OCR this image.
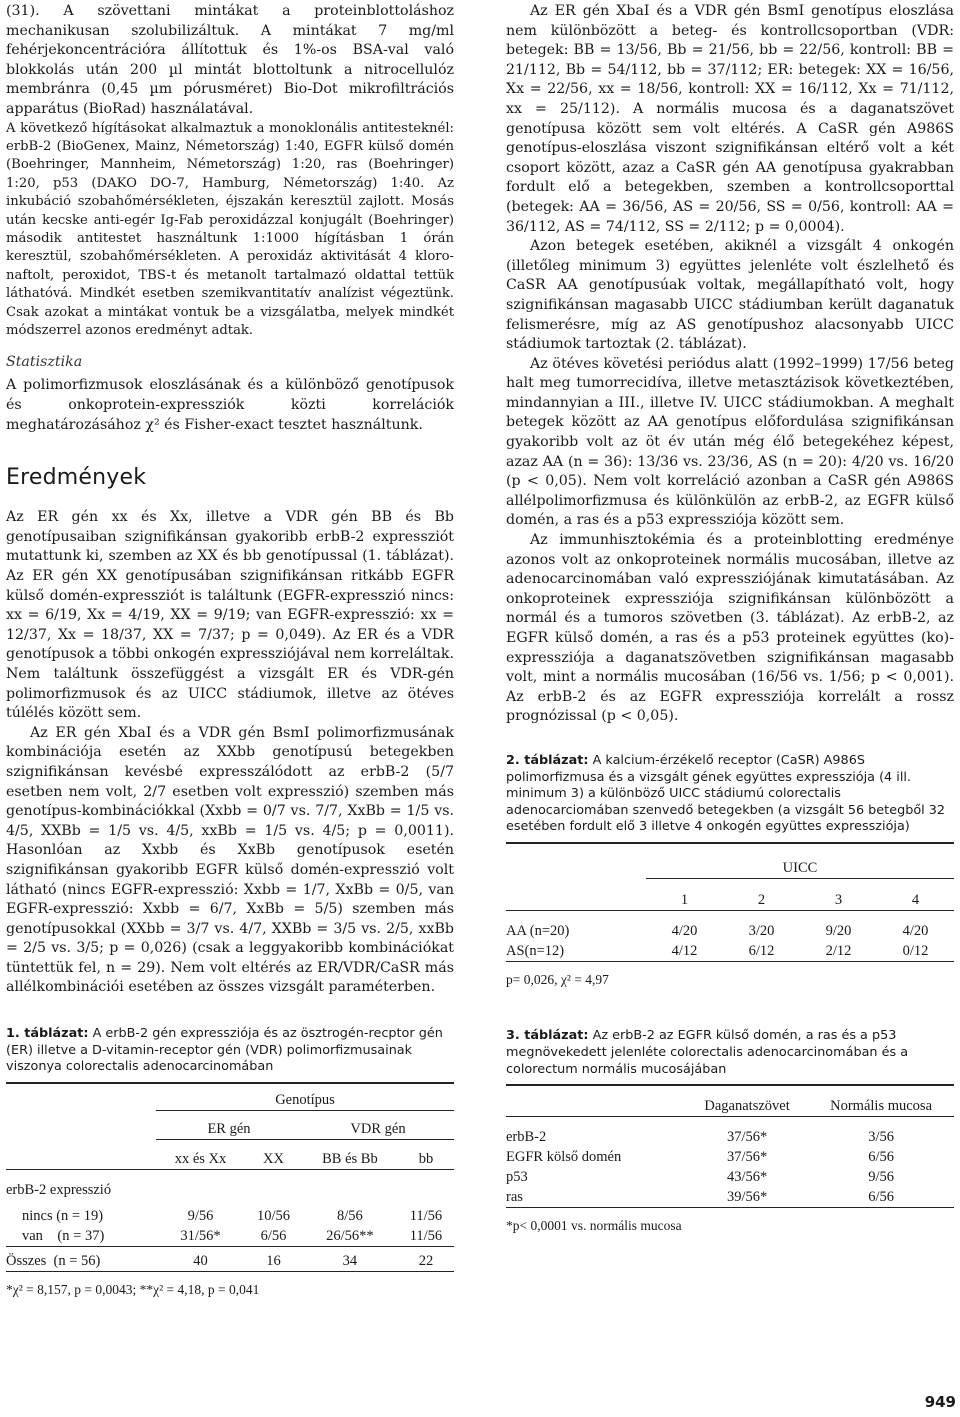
(31). A szövettani mintákat a proteinblottoláshoz mechanikusan szolubilizáltuk. A mintákat 7 mg/ml fehérjekoncentrációra állítottuk és 1%-os BSA-val való blokkolás után 200 µl mintát blottoltunk a nitrocellulóz membránra (0,45 µm pórusméret) Bio-Dot mikrofiltrációs apparátus (BioRad) használatával.

A következő hígításokat alkalmaztuk a monoklonális antitesteknél: erbB-2 (BioGenex, Mainz, Németország) 1:40, EGFR külső domén (Boehringer, Mannheim, Németország) 1:20, ras (Boehringer) 1:20, p53 (DAKO DO-7, Hamburg, Németország) 1:40. Az inkubáció szobahőmérsékleten, éjszakán keresztül zajlott. Mosás után kecske anti-egér Ig-Fab peroxidázzal konjugált (Boehringer) második antitestet használtunk 1:1000 hígításban 1 órán keresztül, szobahőmérsékleten. A peroxidáz aktivitását 4 kloro-naftolt, peroxidot, TBS-t és metanolt tartalmazó oldattal tettük láthatóvá. Mindkét esetben szemikvantitatív analízist végeztünk. Csak azokat a mintákat vontuk be a vizsgálatba, melyek mindkét módszerrel azonos eredményt adtak.

Statisztika

A polimorfizmusok eloszlásának és a különböző genotípusok és onkoprotein-expressziók közti korrelációk meghatározásához χ² és Fisher-exact tesztet használtunk.

Eredmények

Az ER gén xx és Xx, illetve a VDR gén BB és Bb genotípusaiban szignifikánsan gyakoribb erbB-2 expressziót mutattunk ki, szemben az XX és bb genotípussal (1. táblázat). Az ER gén XX genotípusában szignifikánsan ritkább EGFR külső domén-expressziót is találtunk (EGFR-expresszió nincs: xx = 6/19, Xx = 4/19, XX = 9/19; van EGFR-expresszió: xx = 12/37, Xx = 18/37, XX = 7/37; p = 0,049). Az ER és a VDR genotípusok a többi onkogén expressziójával nem korreláltak. Nem találtunk összefüggést a vizsgált ER és VDR-gén polimorfizmusok és az UICC stádiumok, illetve az ötéves túlélés között sem.

Az ER gén XbaI és a VDR gén BsmI polimorfizmusának kombinációja esetén az XXbb genotípusú betegekben szignifikánsan kevésbé expresszálódott az erbB-2 (5/7 esetben nem volt, 2/7 esetben volt expresszió) szemben más genotípus-kombinációkkal (Xxbb = 0/7 vs. 7/7, XxBb = 1/5 vs. 4/5, XXBb = 1/5 vs. 4/5, xxBb = 1/5 vs. 4/5; p = 0,0011). Hasonlóan az Xxbb és XxBb genotípusok esetén szignifikánsan gyakoribb EGFR külső domén-expresszió volt látható (nincs EGFR-expresszió: Xxbb = 1/7, XxBb = 0/5, van EGFR-expresszió: Xxbb = 6/7, XxBb = 5/5) szemben más genotípusokkal (XXbb = 3/7 vs. 4/7, XXBb = 3/5 vs. 2/5, xxBb = 2/5 vs. 3/5; p = 0,026) (csak a leggyakoribb kombinációkat tüntettük fel, n = 29). Nem volt eltérés az ER/VDR/CaSR más allélkombinációi esetében az összes vizsgált paraméterben.

1. táblázat: A erbB-2 gén expressziója és az ösztrogén-recptor gén (ER) illetve a D-vitamin-receptor gén (VDR) polimorfizmusainak viszonya colorectalis adenocarcinomában
	Genotípus			

	ER gén		VDR gén	

	xx és Xx	XX	BB és Bb	bb

erbB-2 expresszió				

nincs (n = 19)	9/56	10/56	8/56	11/56
van    (n = 37)	31/56*	6/56	26/56**	11/56

Összes  (n = 56)	40	16	34	22

*χ² = 8,157, p = 0,0043; **χ² = 4,18, p = 0,041

Az ER gén XbaI és a VDR gén BsmI genotípus eloszlása nem különbözött a beteg- és kontrollcsoportban (VDR: betegek: BB = 13/56, Bb = 21/56, bb = 22/56, kontroll: BB = 21/112, Bb = 54/112, bb = 37/112; ER: betegek: XX = 16/56, Xx = 22/56, xx = 18/56, kontroll: XX = 16/112, Xx = 71/112, xx = 25/112). A normális mucosa és a daganatszövet genotípusa között sem volt eltérés. A CaSR gén A986S genotípus-eloszlása viszont szignifikánsan eltérő volt a két csoport között, azaz a CaSR gén AA genotípusa gyakrabban fordult elő a betegekben, szemben a kontrollcsoporttal (betegek: AA = 36/56, AS = 20/56, SS = 0/56, kontroll: AA = 36/112, AS = 74/112, SS = 2/112; p = 0,0004).

Azon betegek esetében, akiknél a vizsgált 4 onkogén (illetőleg minimum 3) együttes jelenléte volt észlelhető és CaSR AA genotípusúak voltak, megállapítható volt, hogy szignifikánsan magasabb UICC stádiumban került daganatuk felismerésre, míg az AS genotípushoz alacsonyabb UICC stádiumok tartoztak (2. táblázat).

Az ötéves követési periódus alatt (1992–1999) 17/56 beteg halt meg tumorrecidíva, illetve metasztázisok következtében, mindannyian a III., illetve IV. UICC stádiumokban. A meghalt betegek között az AA genotípus előfordulása szignifikánsan gyakoribb volt az öt év után még élő betegekéhez képest, azaz AA (n = 36): 13/36 vs. 23/36, AS (n = 20): 4/20 vs. 16/20 (p < 0,05). Nem volt korreláció azonban a CaSR gén A986S allélpolimorfizmusa és különkülön az erbB-2, az EGFR külső domén, a ras és a p53 expressziója között sem.

Az immunhisztokémia és a proteinblotting eredménye azonos volt az onkoproteinek normális mucosában, illetve az adenocarcinomában való expressziójának kimutatásában. Az onkoproteinek expressziója szignifikánsan különbözött a normál és a tumoros szövetben (3. táblázat). Az erbB-2, az EGFR külső domén, a ras és a p53 proteinek együttes (ko)-expressziója a daganatszövetben szignifikánsan magasabb volt, mint a normális mucosában (16/56 vs. 1/56; p < 0,001). Az erbB-2 és az EGFR expressziója korrelált a rossz prognózissal (p < 0,05).

2. táblázat: A kalcium-érzékelő receptor (CaSR) A986S polimorfizmusa és a vizsgált gének együttes expressziója (4 ill. minimum 3) a különböző UICC stádiumú colorectalis adenocarciomában szenvedő betegekben (a vizsgált 56 betegből 32 esetében fordult elő 3 illetve 4 onkogén együttes expressziója)

	UICC			

	1	2	3	4

AA (n=20)	4/20	3/20	9/20	4/20
AS(n=12)	4/12	6/12	2/12	0/12

p= 0,026, χ² = 4,97
3. táblázat: Az erbB-2 az EGFR külső domén, a ras és a p53 megnövekedett jelenléte colorectalis adenocarcinomában és a colorectum normális mucosájában

	Daganatszövet	Normális mucosa

erbB-2	37/56*	3/56
EGFR kölső domén	37/56*	6/56
p53	43/56*	9/56
ras	39/56*	6/56

*p< 0,0001 vs. normális mucosa
949
